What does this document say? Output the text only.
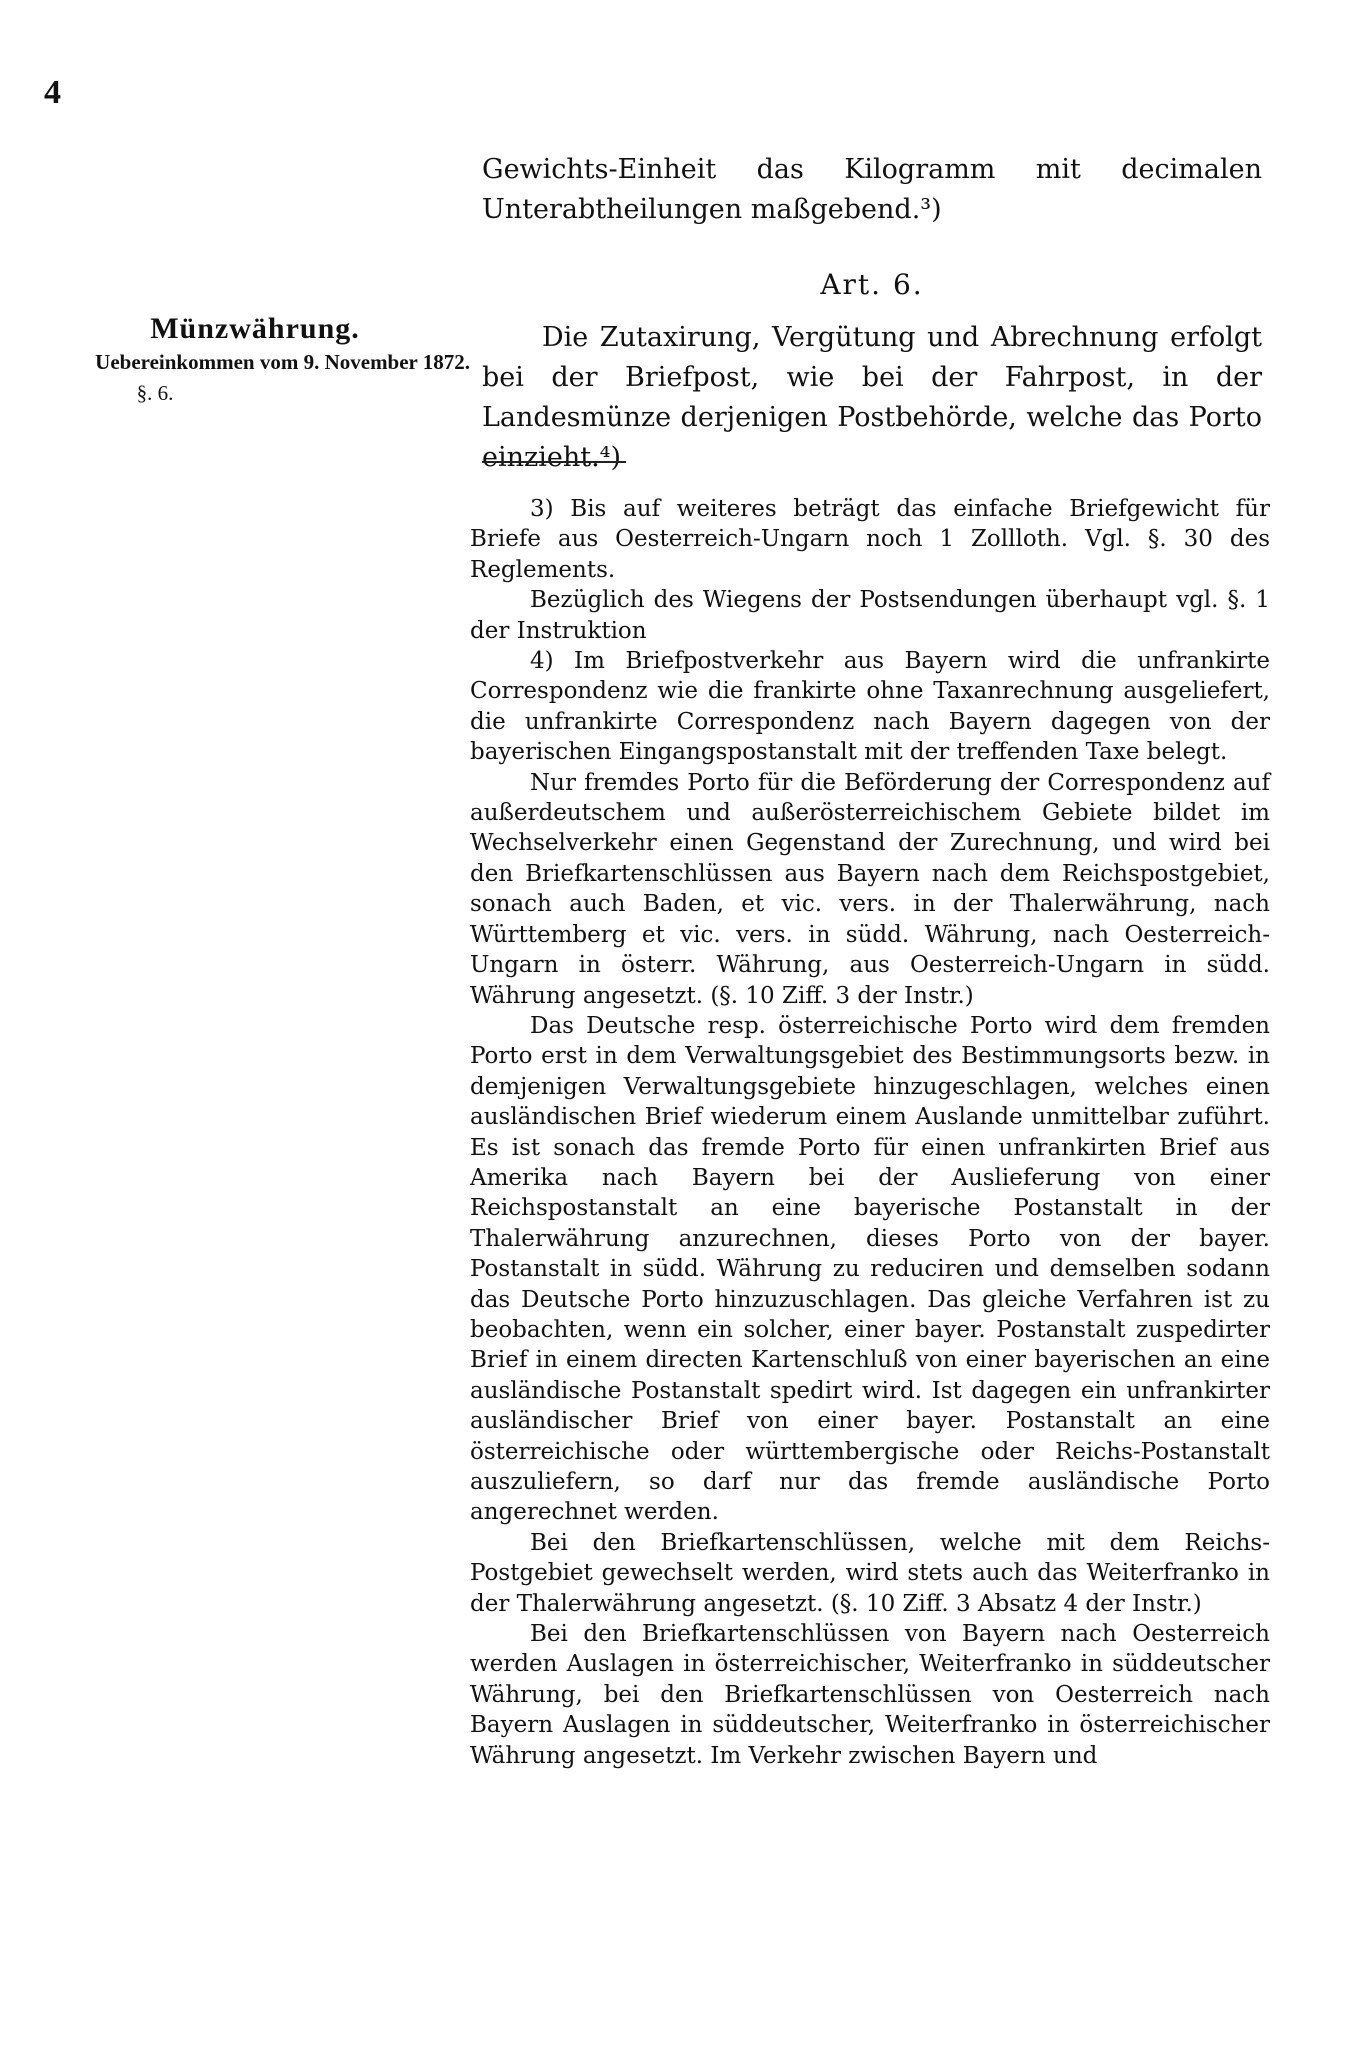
4

Gewichts-Einheit das Kilogramm mit decimalen Unterabtheilungen maßgebend.³)

Art. 6.

Die Zutaxirung, Vergütung und Abrechnung erfolgt bei der Briefpost, wie bei der Fahrpost, in der Landesmünze derjenigen Postbehörde, welche das Porto einzieht.⁴)

Münzwährung.

Uebereinkommen vom 9. November 1872.

§. 6.

3) Bis auf weiteres beträgt das einfache Briefgewicht für Briefe aus Oesterreich-Ungarn noch 1 Zollloth. Vgl. §. 30 des Reglements.

Bezüglich des Wiegens der Postsendungen überhaupt vgl. §. 1 der Instruktion

4) Im Briefpostverkehr aus Bayern wird die unfrankirte Correspondenz wie die frankirte ohne Taxanrechnung ausgeliefert, die unfrankirte Correspondenz nach Bayern dagegen von der bayerischen Eingangspostanstalt mit der treffenden Taxe belegt.

Nur fremdes Porto für die Beförderung der Correspondenz auf außerdeutschem und außerösterreichischem Gebiete bildet im Wechselverkehr einen Gegenstand der Zurechnung, und wird bei den Briefkartenschlüssen aus Bayern nach dem Reichspostgebiet, sonach auch Baden, et vic. vers. in der Thalerwährung, nach Württemberg et vic. vers. in südd. Währung, nach Oesterreich-Ungarn in österr. Währung, aus Oesterreich-Ungarn in südd. Währung angesetzt. (§. 10 Ziff. 3 der Instr.)

Das Deutsche resp. österreichische Porto wird dem fremden Porto erst in dem Verwaltungsgebiet des Bestimmungsorts bezw. in demjenigen Verwaltungsgebiete hinzugeschlagen, welches einen ausländischen Brief wiederum einem Auslande unmittelbar zuführt. Es ist sonach das fremde Porto für einen unfrankirten Brief aus Amerika nach Bayern bei der Auslieferung von einer Reichspostanstalt an eine bayerische Postanstalt in der Thalerwährung anzurechnen, dieses Porto von der bayer. Postanstalt in südd. Währung zu reduciren und demselben sodann das Deutsche Porto hinzuzuschlagen. Das gleiche Verfahren ist zu beobachten, wenn ein solcher, einer bayer. Postanstalt zuspedirter Brief in einem directen Kartenschluß von einer bayerischen an eine ausländische Postanstalt spedirt wird. Ist dagegen ein unfrankirter ausländischer Brief von einer bayer. Postanstalt an eine österreichische oder württembergische oder Reichs-Postanstalt auszuliefern, so darf nur das fremde ausländische Porto angerechnet werden.

Bei den Briefkartenschlüssen, welche mit dem Reichs-Postgebiet gewechselt werden, wird stets auch das Weiterfranko in der Thalerwährung angesetzt. (§. 10 Ziff. 3 Absatz 4 der Instr.)

Bei den Briefkartenschlüssen von Bayern nach Oesterreich werden Auslagen in österreichischer, Weiterfranko in süddeutscher Währung, bei den Briefkartenschlüssen von Oesterreich nach Bayern Auslagen in süddeutscher, Weiterfranko in österreichischer Währung angesetzt. Im Verkehr zwischen Bayern und
